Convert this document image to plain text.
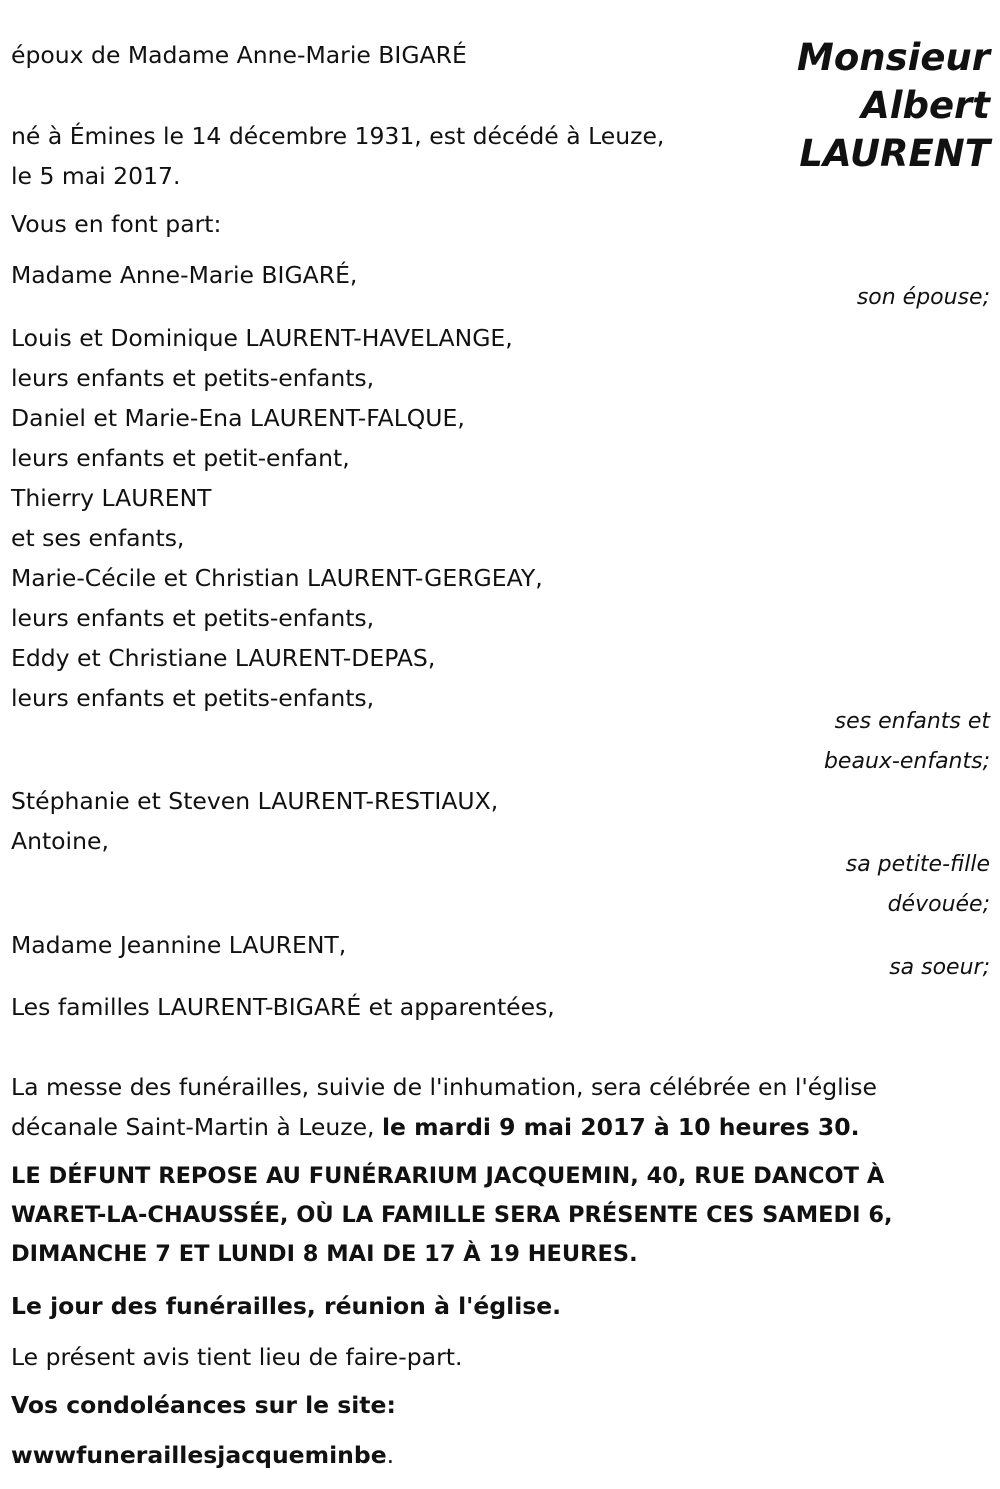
époux de Madame Anne-Marie BIGARÉ	Monsieur
Albert
LAURENT

né à Émines le 14 décembre 1931, est décédé à Leuze,

le 5 mai 2017.

Vous en font part:

Madame Anne-Marie BIGARÉ,

son épouse;

Louis et Dominique LAURENT-HAVELANGE,

leurs enfants et petits-enfants,

Daniel et Marie-Ena LAURENT-FALQUE,

leurs enfants et petit-enfant,

Thierry LAURENT

et ses enfants,

Marie-Cécile et Christian LAURENT-GERGEAY,

leurs enfants et petits-enfants,

Eddy et Christiane LAURENT-DEPAS,

leurs enfants et petits-enfants,

ses enfants et

beaux-enfants;

Stéphanie et Steven LAURENT-RESTIAUX,

Antoine,

sa petite-fille

dévouée;

Madame Jeannine LAURENT,

sa soeur;

Les familles LAURENT-BIGARÉ et apparentées,

La messe des funérailles, suivie de l'inhumation, sera célébrée en l'église

décanale Saint-Martin à Leuze, le mardi 9 mai 2017 à 10 heures 30.

LE DÉFUNT REPOSE AU FUNÉRARIUM JACQUEMIN, 40, RUE DANCOT À

WARET-LA-CHAUSSÉE, OÙ LA FAMILLE SERA PRÉSENTE CES SAMEDI 6,

DIMANCHE 7 ET LUNDI 8 MAI DE 17 À 19 HEURES.

Le jour des funérailles, réunion à l'église.

Le présent avis tient lieu de faire-part.

Vos condoléances sur le site:

wwwfuneraillesjacqueminbe.
